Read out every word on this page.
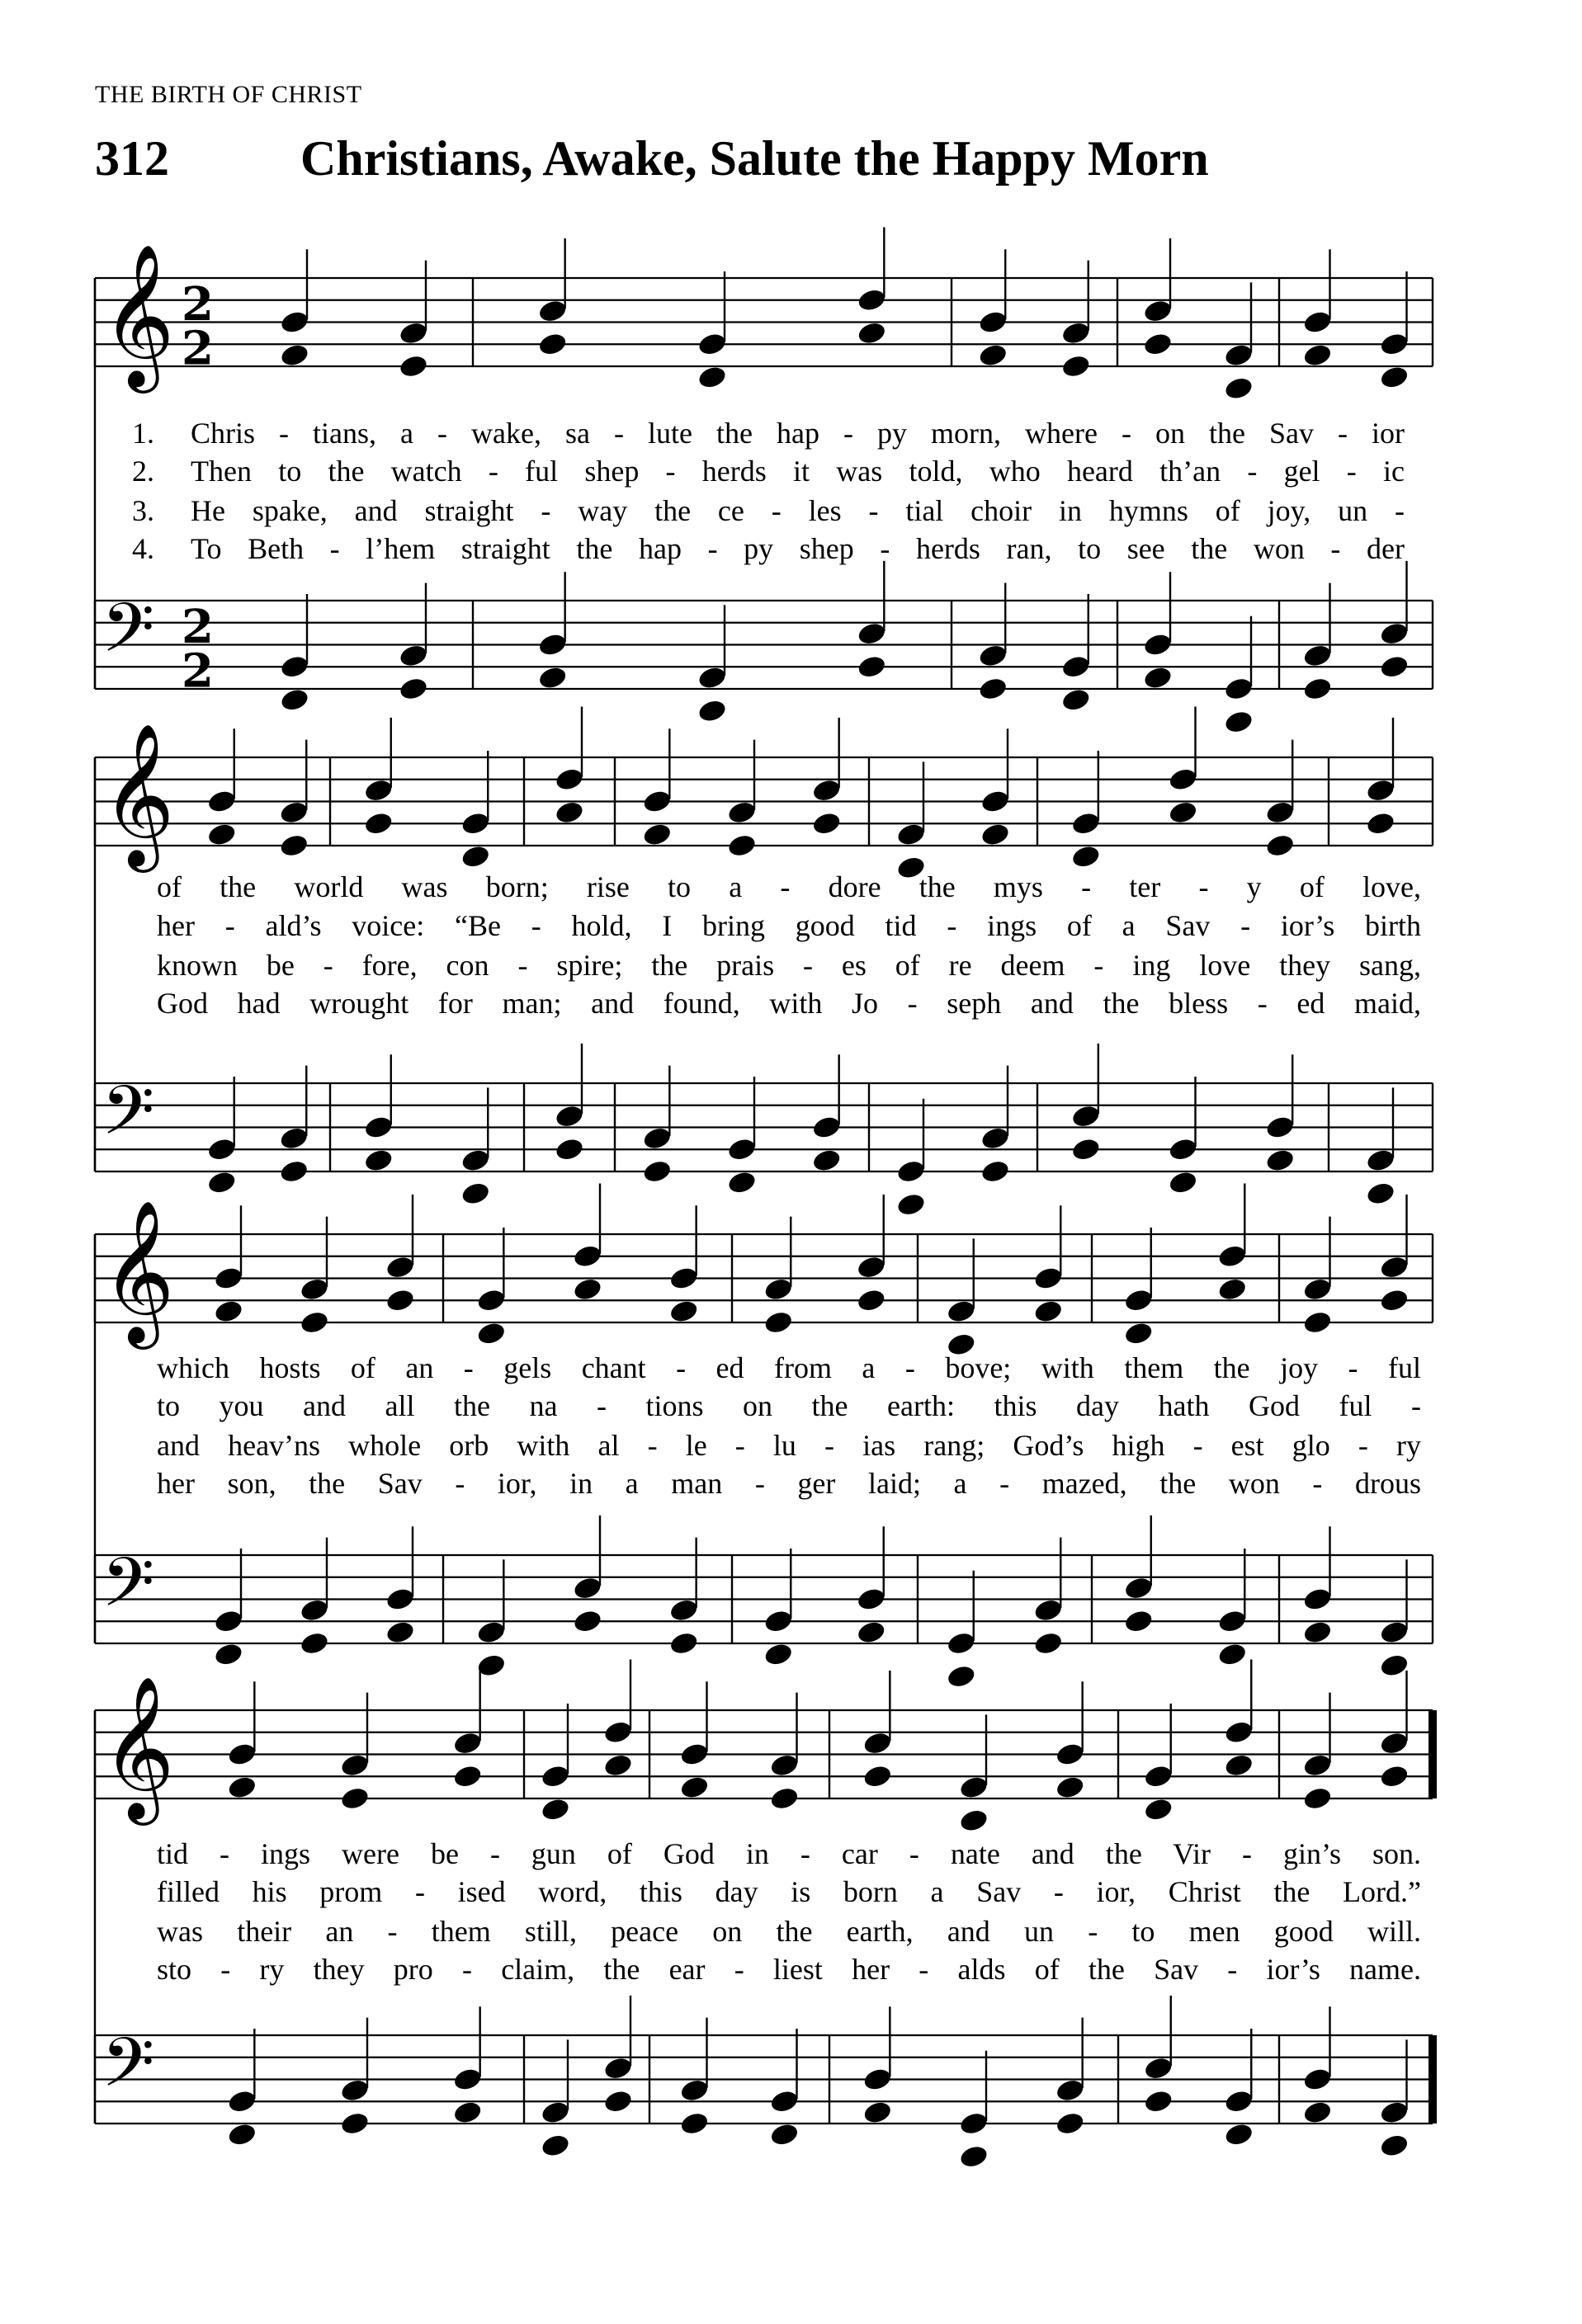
THE BIRTH OF CHRIST
312	Christians, Awake, Salute the Happy Morn
𝄞 2
2
𝄢 2
2
𝄞
𝄢
𝄞
𝄢
𝄞
𝄢
1. Chris - tians, a - wake, sa - lute the hap - py morn, where - on the Sav - ior
2. Then to the watch - ful shep - herds it was told, who heard th’an - gel - ic
3. He spake, and straight - way the ce - les - tial choir in hymns of joy, un -
4. To Beth - l’hem straight the hap - py shep - herds ran, to see the won - der
of the world was born; rise to a - dore the mys - ter - y of love,
her - ald’s voice: “Be - hold, I bring good tid - ings of a Sav - ior’s birth
known be - fore, con - spire; the prais - es of re deem - ing love they sang,
God had wrought for man; and found, with Jo - seph and the bless - ed maid,
which hosts of an - gels chant - ed from a - bove; with them the joy - ful
to you and all the na - tions on the earth: this day hath God ful -
and heav’ns whole orb with al - le - lu - ias rang; God’s high - est glo - ry
her son, the Sav - ior, in a man - ger laid; a - mazed, the won - drous
tid - ings were be - gun of God in - car - nate and the Vir - gin’s son.
filled his prom - ised word, this day is born a Sav - ior, Christ the Lord.”
was their an - them still, peace on the earth, and un - to men good will.
sto - ry they pro - claim, the ear - liest her - alds of the Sav - ior’s name.
